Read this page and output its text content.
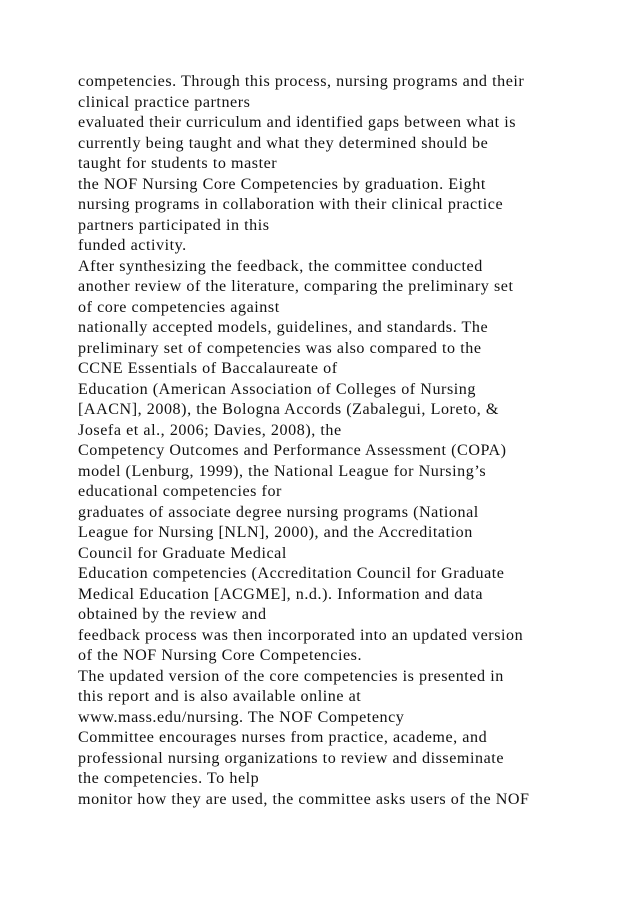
competencies. Through this process, nursing programs and their
clinical practice partners
evaluated their curriculum and identified gaps between what is
currently being taught and what they determined should be
taught for students to master
the NOF Nursing Core Competencies by graduation. Eight
nursing programs in collaboration with their clinical practice
partners participated in this
funded activity.
After synthesizing the feedback, the committee conducted
another review of the literature, comparing the preliminary set
of core competencies against
nationally accepted models, guidelines, and standards. The
preliminary set of competencies was also compared to the
CCNE Essentials of Baccalaureate of
Education (American Association of Colleges of Nursing
[AACN], 2008), the Bologna Accords (Zabalegui, Loreto, &
Josefa et al., 2006; Davies, 2008), the
Competency Outcomes and Performance Assessment (COPA)
model (Lenburg, 1999), the National League for Nursing’s
educational competencies for
graduates of associate degree nursing programs (National
League for Nursing [NLN], 2000), and the Accreditation
Council for Graduate Medical
Education competencies (Accreditation Council for Graduate
Medical Education [ACGME], n.d.). Information and data
obtained by the review and
feedback process was then incorporated into an updated version
of the NOF Nursing Core Competencies.
The updated version of the core competencies is presented in
this report and is also available online at
www.mass.edu/nursing. The NOF Competency
Committee encourages nurses from practice, academe, and
professional nursing organizations to review and disseminate
the competencies. To help
monitor how they are used, the committee asks users of the NOF
